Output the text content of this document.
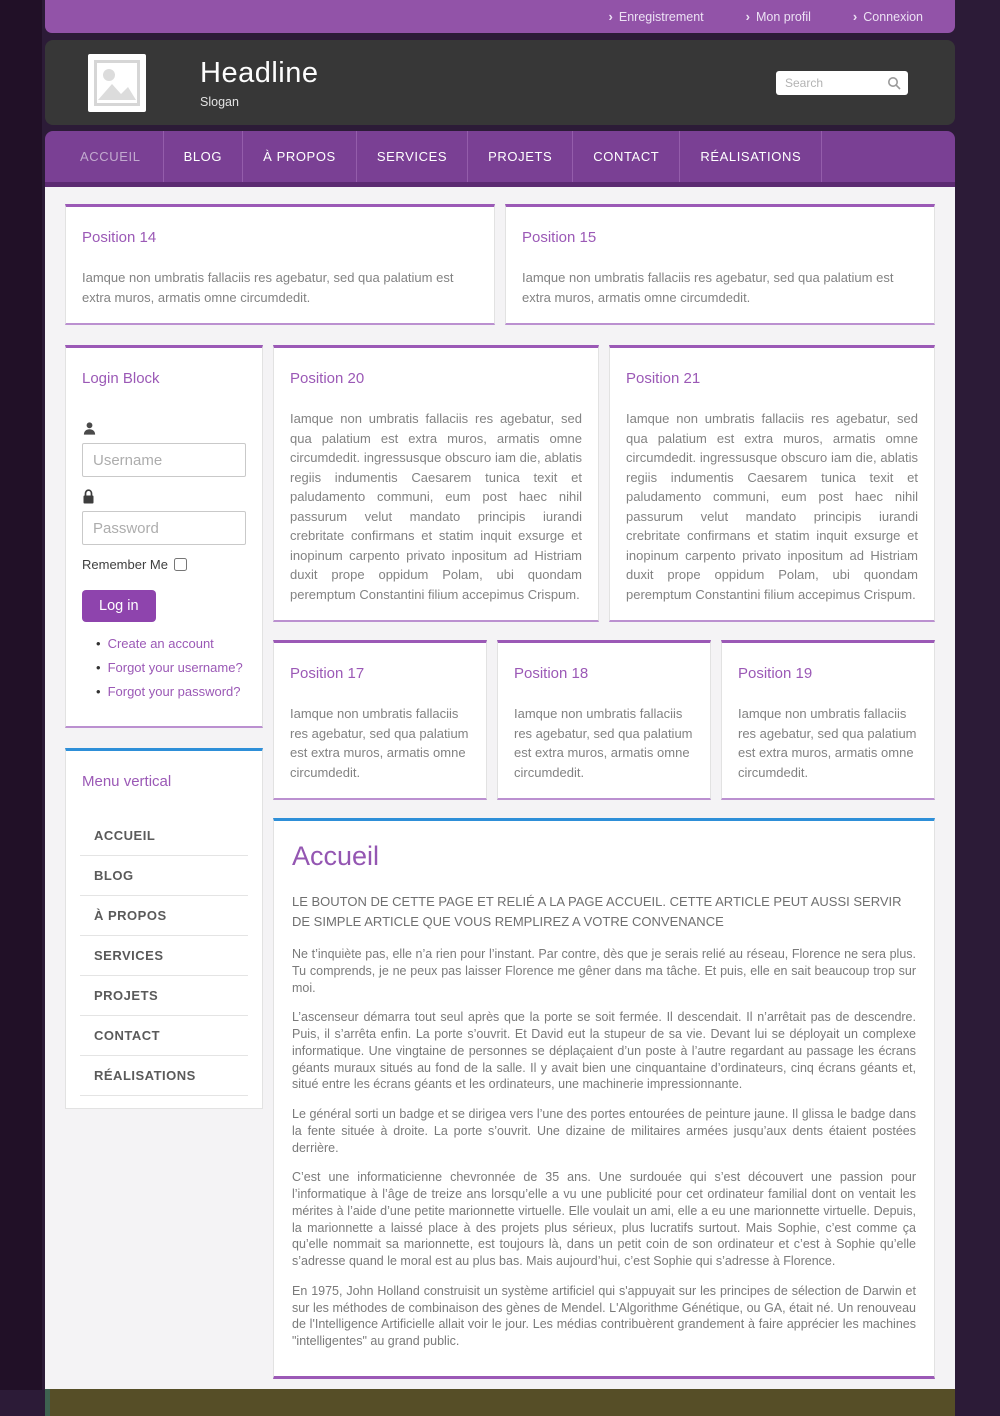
› Enregistrement	› Mon profil	› Connexion
Headline
Slogan
Search
ACCUEIL	BLOG	À PROPOS	SERVICES	PROJETS	CONTACT	RÉALISATIONS
Position 14

Iamque non umbratis fallaciis res agebatur, sed qua palatium est extra muros, armatis omne circumdedit.

Position 15

Iamque non umbratis fallaciis res agebatur, sed qua palatium est extra muros, armatis omne circumdedit.

Login Block
Username
Remember Me
Log in
• Create an account
• Forgot your username?
• Forgot your password?
Menu vertical
ACCUEIL
BLOG
À PROPOS
SERVICES
PROJETS
CONTACT
RÉALISATIONS
Position 20

Iamque non umbratis fallaciis res agebatur, sed qua palatium est extra muros, armatis omne circumdedit. ingressusque obscuro iam die, ablatis regiis indumentis Caesarem tunica texit et paludamento communi, eum post haec nihil passurum velut mandato principis iurandi crebritate confirmans et statim inquit exsurge et inopinum carpento privato inpositum ad Histriam duxit prope oppidum Polam, ubi quondam peremptum Constantini filium accepimus Crispum.

Position 21

Iamque non umbratis fallaciis res agebatur, sed qua palatium est extra muros, armatis omne circumdedit. ingressusque obscuro iam die, ablatis regiis indumentis Caesarem tunica texit et paludamento communi, eum post haec nihil passurum velut mandato principis iurandi crebritate confirmans et statim inquit exsurge et inopinum carpento privato inpositum ad Histriam duxit prope oppidum Polam, ubi quondam peremptum Constantini filium accepimus Crispum.

Position 17

Iamque non umbratis fallaciis res agebatur, sed qua palatium est extra muros, armatis omne circumdedit.

Position 18

Iamque non umbratis fallaciis res agebatur, sed qua palatium est extra muros, armatis omne circumdedit.

Position 19

Iamque non umbratis fallaciis res agebatur, sed qua palatium est extra muros, armatis omne circumdedit.

Accueil

LE BOUTON DE CETTE PAGE ET RELIÉ A LA PAGE ACCUEIL. CETTE ARTICLE PEUT AUSSI SERVIR DE SIMPLE ARTICLE QUE VOUS REMPLIREZ A VOTRE CONVENANCE

Ne t’inquiète pas, elle n’a rien pour l’instant. Par contre, dès que je serais relié au réseau, Florence ne sera plus. Tu comprends, je ne peux pas laisser Florence me gêner dans ma tâche. Et puis, elle en sait beaucoup trop sur moi.

L’ascenseur démarra tout seul après que la porte se soit fermée. Il descendait. Il n’arrêtait pas de descendre. Puis, il s’arrêta enfin. La porte s’ouvrit. Et David eut la stupeur de sa vie. Devant lui se déployait un complexe informatique. Une vingtaine de personnes se déplaçaient d’un poste à l’autre regardant au passage les écrans géants muraux situés au fond de la salle. Il y avait bien une cinquantaine d’ordinateurs, cinq écrans géants et, situé entre les écrans géants et les ordinateurs, une machinerie impressionnante.

Le général sorti un badge et se dirigea vers l’une des portes entourées de peinture jaune. Il glissa le badge dans la fente située à droite. La porte s’ouvrit. Une dizaine de militaires armées jusqu’aux dents étaient postées derrière.

C’est une informaticienne chevronnée de 35 ans. Une surdouée qui s’est découvert une passion pour l’informatique à l’âge de treize ans lorsqu’elle a vu une publicité pour cet ordinateur familial dont on ventait les mérites à l’aide d’une petite marionnette virtuelle. Elle voulait un ami, elle a eu une marionnette virtuelle. Depuis, la marionnette a laissé place à des projets plus sérieux, plus lucratifs surtout. Mais Sophie, c’est comme ça qu’elle nommait sa marionnette, est toujours là, dans un petit coin de son ordinateur et c’est à Sophie qu’elle s’adresse quand le moral est au plus bas. Mais aujourd’hui, c’est Sophie qui s’adresse à Florence.

En 1975, John Holland construisit un système artificiel qui s'appuyait sur les principes de sélection de Darwin et sur les méthodes de combinaison des gènes de Mendel. L'Algorithme Génétique, ou GA, était né. Un renouveau de l'Intelligence Artificielle allait voir le jour. Les médias contribuèrent grandement à faire apprécier les machines "intelligentes" au grand public.
